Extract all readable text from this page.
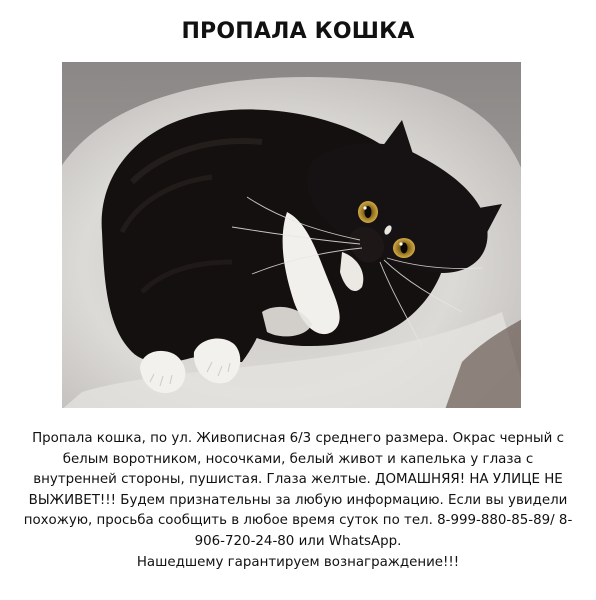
ПРОПАЛА КОШКА

Пропала кошка, по ул. Живописная 6/3 среднего размера. Окрас черный с белым воротником, носочками, белый живот и капелька у глаза с внутренней стороны, пушистая. Глаза желтые. ДОМАШНЯЯ! НА УЛИЦЕ НЕ ВЫЖИВЕТ!!! Будем признательны за любую информацию. Если вы увидели похожую, просьба сообщить в любое время суток по тел. 8-999-880-85-89/ 8-906-720-24-80 или WhatsApp.

Нашедшему гарантируем вознаграждение!!!
